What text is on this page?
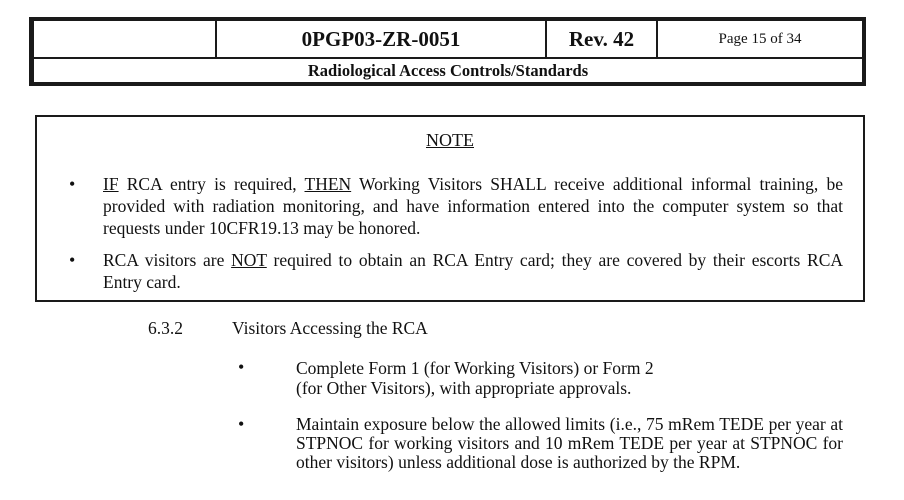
0PGP03-ZR-0051	Rev. 42	Page 15 of 34
Radiological Access Controls/Standards
NOTE
• IF RCA entry is required, THEN Working Visitors SHALL receive additional informal training, be provided with radiation monitoring, and have information entered into the computer system so that requests under 10CFR19.13 may be honored.
• RCA visitors are NOT required to obtain an RCA Entry card; they are covered by their escorts RCA Entry card.
6.3.2	Visitors Accessing the RCA
•	Complete Form 1 (for Working Visitors) or Form 2
(for Other Visitors), with appropriate approvals.
•	Maintain exposure below the allowed limits (i.e., 75 mRem TEDE per year at STPNOC for working visitors and 10 mRem TEDE per year at STPNOC for other visitors) unless additional dose is authorized by the RPM.
